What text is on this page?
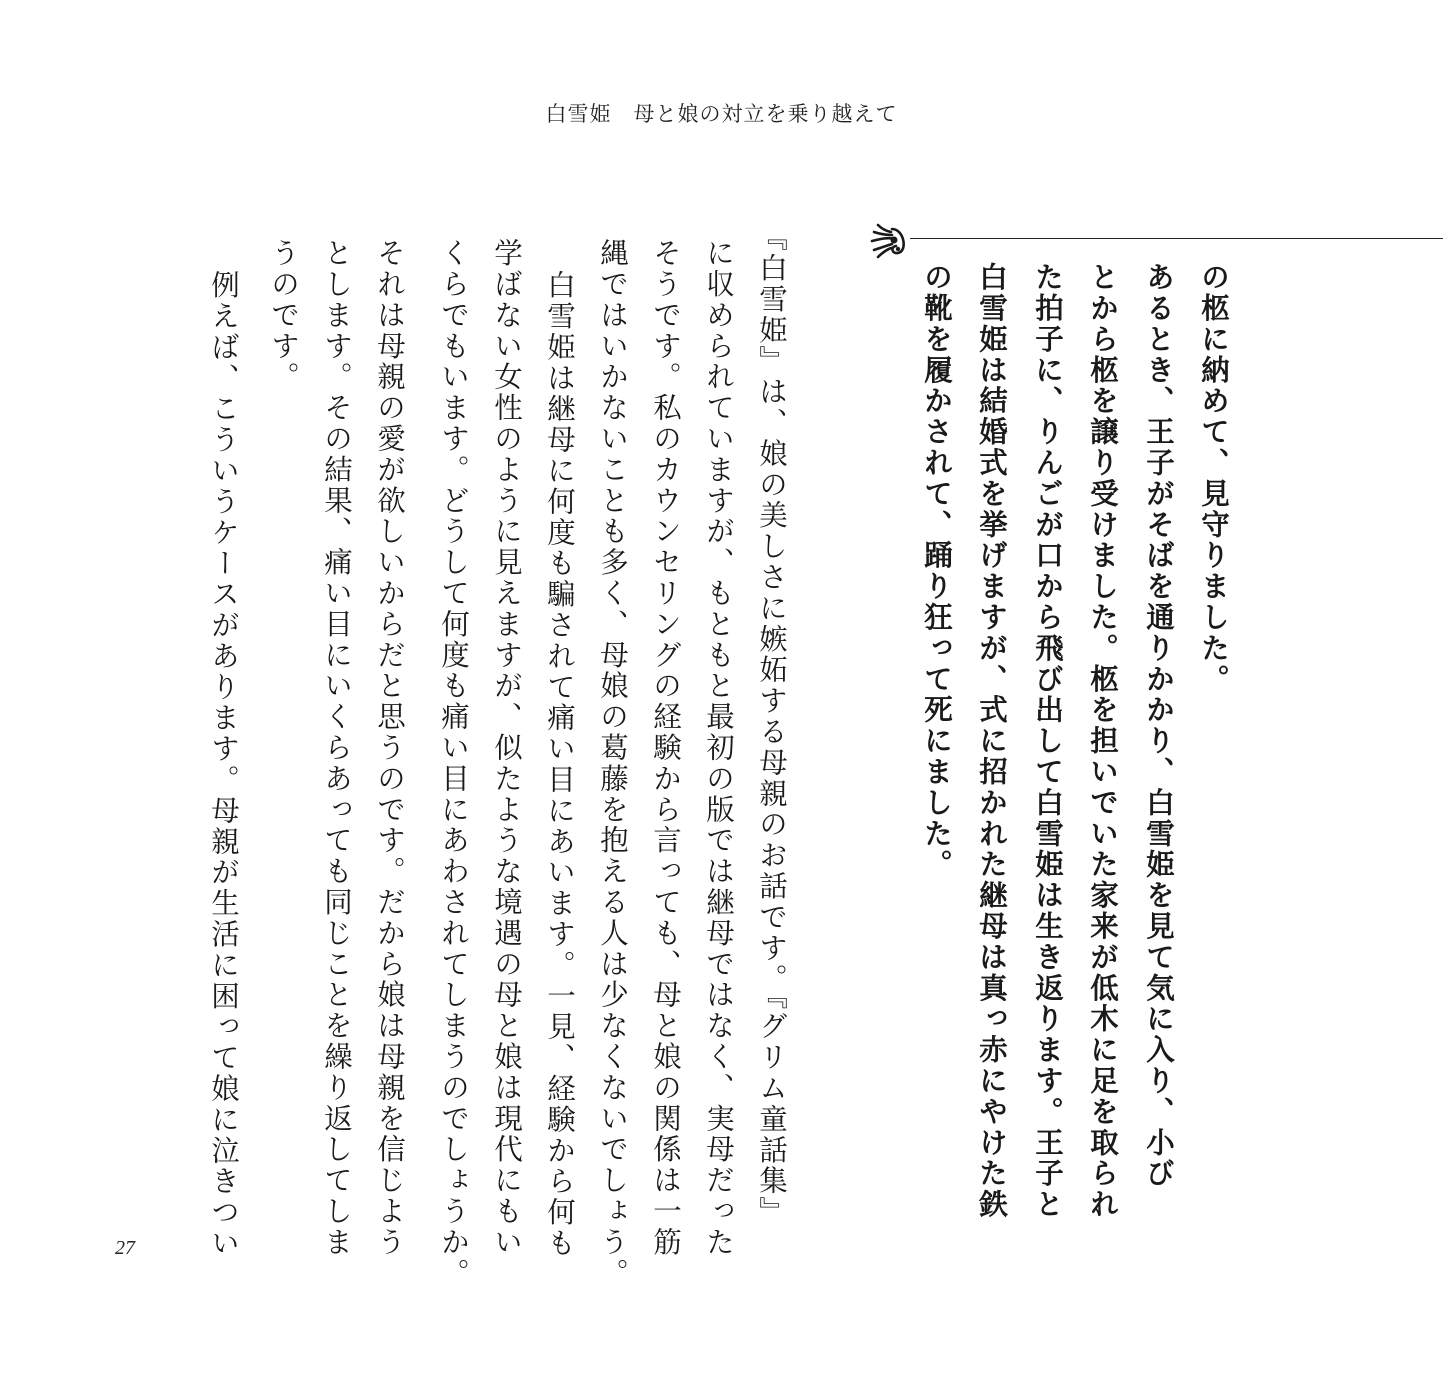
白雪姫　母と娘の対立を乗り越えて
の柩に納めて、見守りました。
あるとき、王子がそばを通りかかり、白雪姫を見て気に入り、小び
とから柩を譲り受けました。柩を担いでいた家来が低木に足を取られ
た拍子に、りんごが口から飛び出して白雪姫は生き返ります。王子と
白雪姫は結婚式を挙げますが、式に招かれた継母は真っ赤にやけた鉄
の靴を履かされて、踊り狂って死にました。
『白雪姫』は、娘の美しさに嫉妬する母親のお話です。『グリム童話集』
に収められていますが、もともと最初の版では継母ではなく、実母だった
そうです。私のカウンセリングの経験から言っても、母と娘の関係は一筋
縄ではいかないことも多く、母娘の葛藤を抱える人は少なくないでしょう。
白雪姫は継母に何度も騙されて痛い目にあいます。一見、経験から何も
学ばない女性のように見えますが、似たような境遇の母と娘は現代にもい
くらでもいます。どうして何度も痛い目にあわされてしまうのでしょうか。
それは母親の愛が欲しいからだと思うのです。だから娘は母親を信じよう
とします。その結果、痛い目にいくらあっても同じことを繰り返してしま
うのです。
例えば、こういうケースがあります。母親が生活に困って娘に泣きつい
27
